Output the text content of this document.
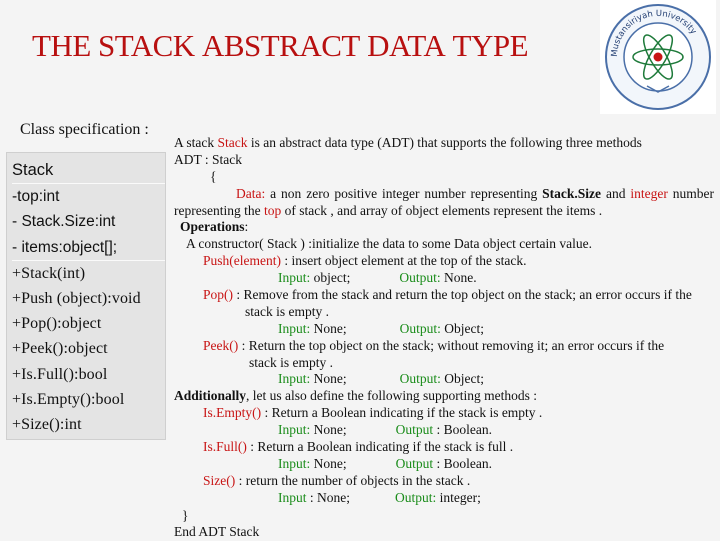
THE STACK ABSTRACT DATA TYPE	Mustansiriyah University
Class specification :
Stack
-top:int
- Stack.Size:int
- items:object[];
+Stack(int)
+Push (object):void
+Pop():object
+Peek():object
+Is.Full():bool
+Is.Empty():bool
+Size():int
A stack Stack is an abstract data type (ADT) that supports the following three methods
ADT : Stack
{
Data: a non zero positive integer number representing Stack.Size and integer number
representing the top of stack , and array of object elements represent the items .
Operations:
A constructor( Stack ) :initialize the data to some Data object certain value.
Push(element) : insert object element at the top of the stack.
Input: object;	Output: None.
Pop() : Remove from the stack and return the top object on the stack; an error occurs if the
stack is empty .
Input: None;	Output: Object;
Peek() : Return the top object on the stack; without removing it; an error occurs if the
stack is empty .
Input: None;	Output: Object;
Additionally, let us also define the following supporting methods :
Is.Empty() : Return a Boolean indicating if the stack is empty .
Input: None;	Output : Boolean.
Is.Full() : Return a Boolean indicating if the stack is full .
Input: None;	Output : Boolean.
Size() : return the number of objects in the stack .
Input : None;	Output: integer;
}
End ADT Stack
